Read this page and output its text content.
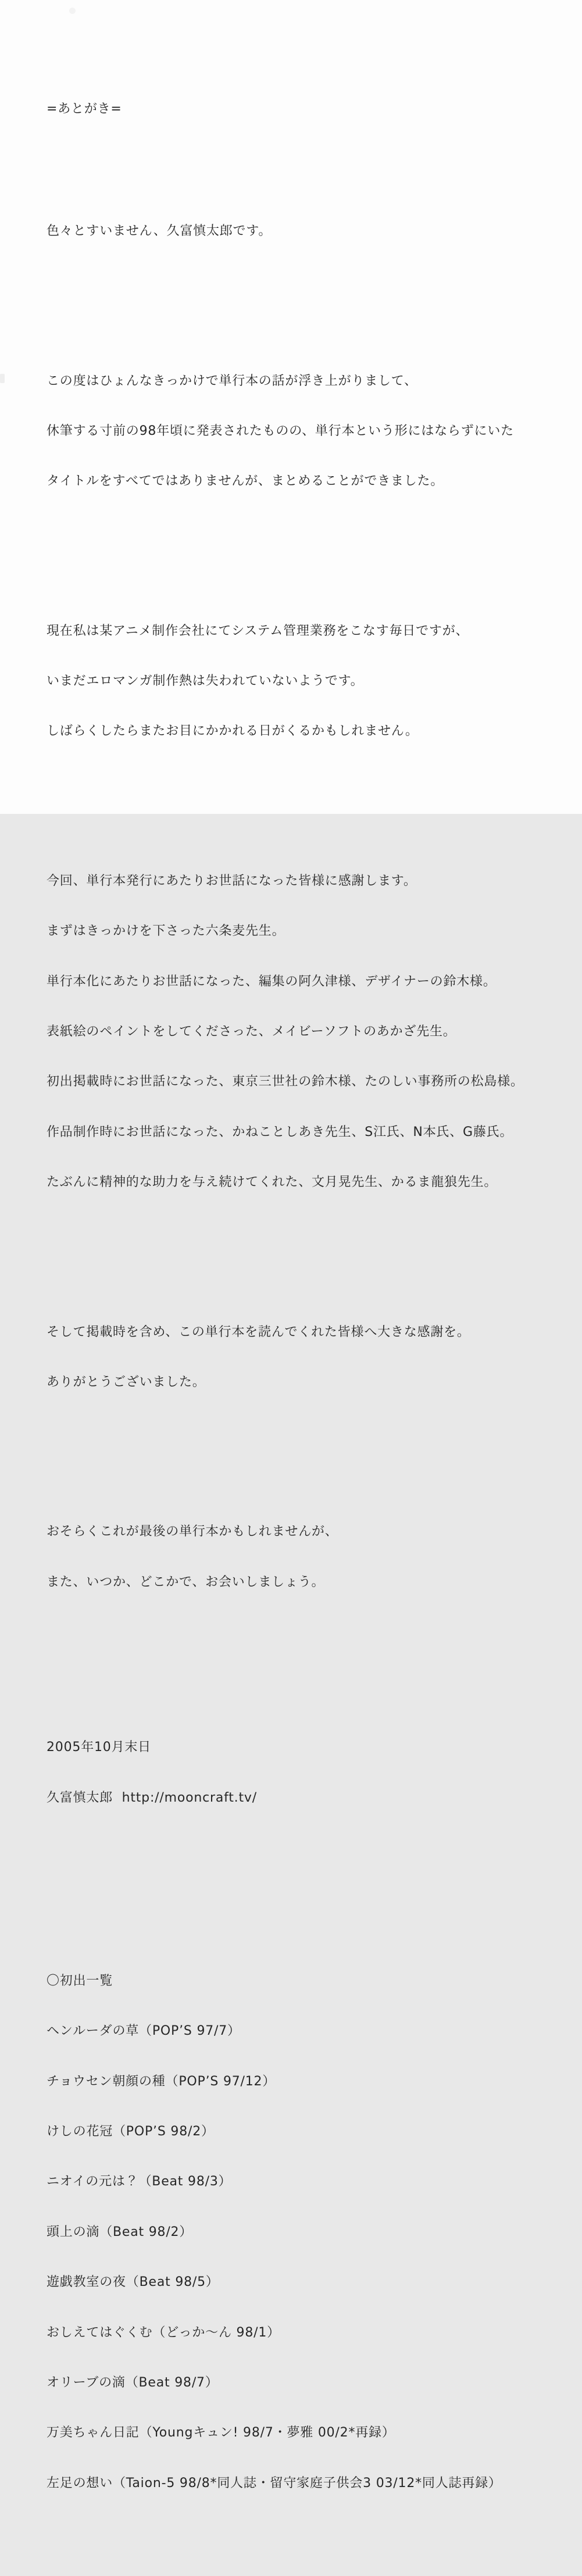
=あとがき=

色々とすいません、久富慎太郎です。

この度はひょんなきっかけで単行本の話が浮き上がりまして、

休筆する寸前の98年頃に発表されたものの、単行本という形にはならずにいた

タイトルをすべてではありませんが、まとめることができました。

現在私は某アニメ制作会社にてシステム管理業務をこなす毎日ですが、

いまだエロマンガ制作熱は失われていないようです。

しばらくしたらまたお目にかかれる日がくるかもしれません。

今回、単行本発行にあたりお世話になった皆様に感謝します。

まずはきっかけを下さった六条麦先生。

単行本化にあたりお世話になった、編集の阿久津様、デザイナーの鈴木様。

表紙絵のペイントをしてくださった、メイビーソフトのあかざ先生。

初出掲載時にお世話になった、東京三世社の鈴木様、たのしい事務所の松島様。

作品制作時にお世話になった、かねことしあき先生、S江氏、N本氏、G藤氏。

たぶんに精神的な助力を与え続けてくれた、文月晃先生、かるま龍狼先生。

そして掲載時を含め、この単行本を読んでくれた皆様へ大きな感謝を。

ありがとうございました。

おそらくこれが最後の単行本かもしれませんが、

また、いつか、どこかで、お会いしましょう。

2005年10月末日

久富慎太郎  http://mooncraft.tv/

〇初出一覧

ヘンルーダの草（POP’S 97/7）

チョウセン朝顔の種（POP’S 97/12）

けしの花冠（POP’S 98/2）

ニオイの元は？（Beat 98/3）

頭上の滴（Beat 98/2）

遊戯教室の夜（Beat 98/5）

おしえてはぐくむ（どっか〜ん 98/1）

オリーブの滴（Beat 98/7）

万美ちゃん日記（Youngキュン! 98/7・夢雅 00/2*再録）

左足の想い（Taion-5 98/8*同人誌・留守家庭子供会3 03/12*同人誌再録）
